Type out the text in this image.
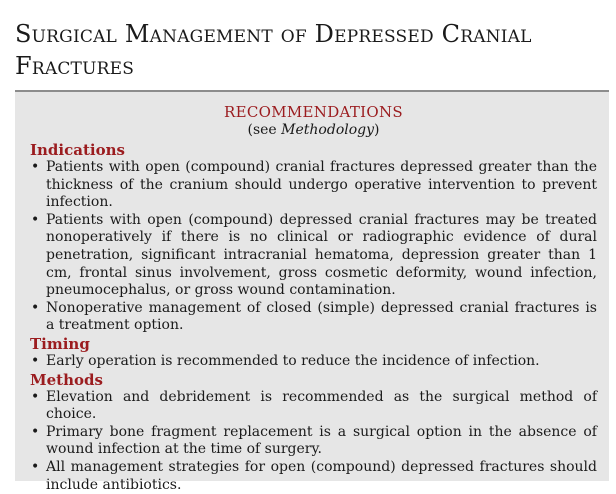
Surgical Management of Depressed Cranial Fractures

RECOMMENDATIONS

(see Methodology)

Indications

• Patients with open (compound) cranial fractures depressed greater than the thickness of the cranium should undergo operative intervention to prevent infection.
• Patients with open (compound) depressed cranial fractures may be treated nonoperatively if there is no clinical or radiographic evidence of dural penetration, significant intracranial hematoma, depression greater than 1 cm, frontal sinus involvement, gross cosmetic deformity, wound infection, pneumocephalus, or gross wound contamination.
• Nonoperative management of closed (simple) depressed cranial fractures is a treatment option.

Timing

• Early operation is recommended to reduce the incidence of infection.

Methods

• Elevation and debridement is recommended as the surgical method of choice.
• Primary bone fragment replacement is a surgical option in the absence of wound infection at the time of surgery.
• All management strategies for open (compound) depressed fractures should include antibiotics.
